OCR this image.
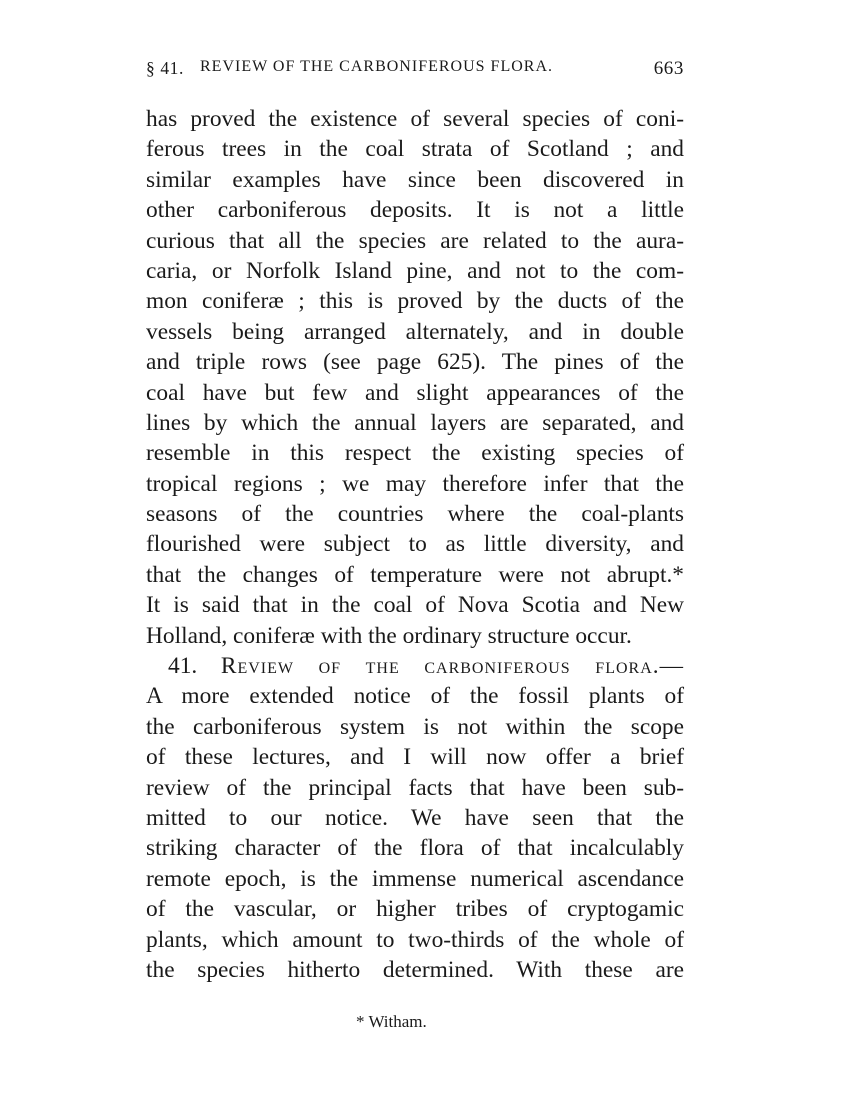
§ 41. REVIEW OF THE CARBONIFEROUS FLORA.	663
has proved the existence of several species of coni-
ferous trees in the coal strata of Scotland ; and
similar examples have since been discovered in
other carboniferous deposits. It is not a little
curious that all the species are related to the aura-
caria, or Norfolk Island pine, and not to the com-
mon coniferæ ; this is proved by the ducts of the
vessels being arranged alternately, and in double
and triple rows (see page 625). The pines of the
coal have but few and slight appearances of the
lines by which the annual layers are separated, and
resemble in this respect the existing species of
tropical regions ; we may therefore infer that the
seasons of the countries where the coal-plants
flourished were subject to as little diversity, and
that the changes of temperature were not abrupt.*
It is said that in the coal of Nova Scotia and New
Holland, coniferæ with the ordinary structure occur.
41. Review of the carboniferous flora.—
A more extended notice of the fossil plants of
the carboniferous system is not within the scope
of these lectures, and I will now offer a brief
review of the principal facts that have been sub-
mitted to our notice. We have seen that the
striking character of the flora of that incalculably
remote epoch, is the immense numerical ascendance
of the vascular, or higher tribes of cryptogamic
plants, which amount to two-thirds of the whole of
the species hitherto determined. With these are
* Witham.
